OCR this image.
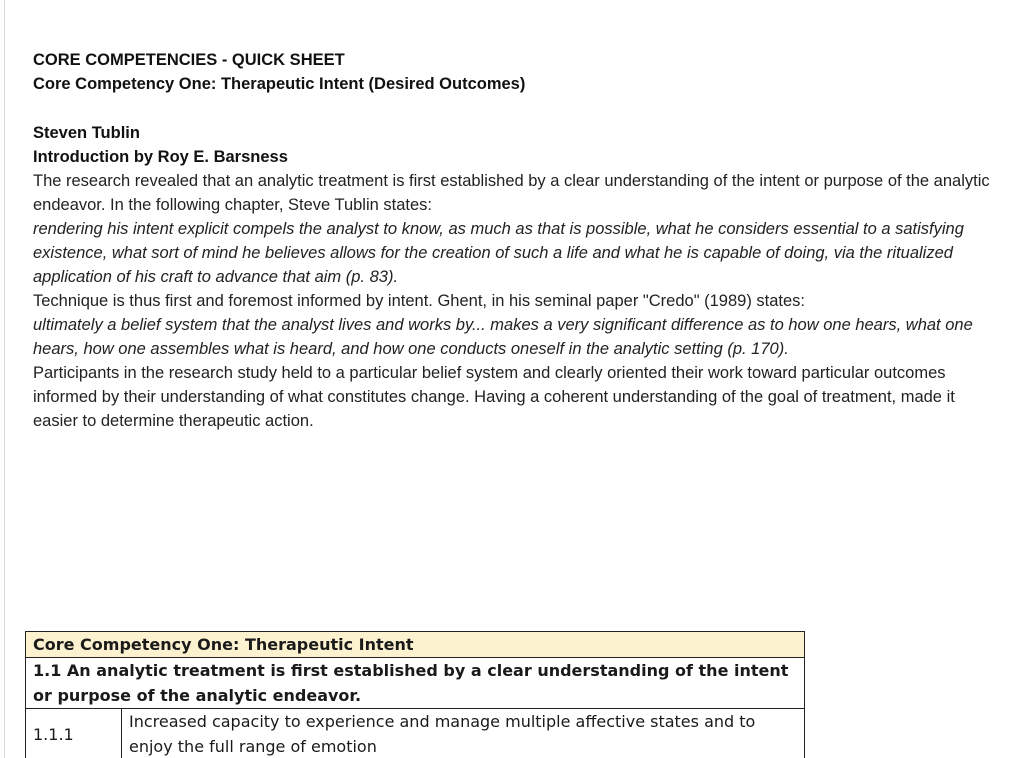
CORE COMPETENCIES - QUICK SHEET

Core Competency One: Therapeutic Intent (Desired Outcomes)

Steven Tublin

Introduction by Roy E. Barsness

The research revealed that an analytic treatment is first established by a clear understanding of the intent or purpose of the analytic endeavor. In the following chapter, Steve Tublin states:

rendering his intent explicit compels the analyst to know, as much as that is possible, what he considers essential to a satisfying existence, what sort of mind he believes allows for the creation of such a life and what he is capable of doing, via the ritualized application of his craft to advance that aim (p. 83).

Technique is thus first and foremost informed by intent. Ghent, in his seminal paper "Credo" (1989) states:

ultimately a belief system that the analyst lives and works by... makes a very significant difference as to how one hears, what one hears, how one assembles what is heard, and how one conducts oneself in the analytic setting (p. 170).

Participants in the research study held to a particular belief system and clearly oriented their work toward particular outcomes informed by their understanding of what constitutes change. Having a coherent understanding of the goal of treatment, made it easier to determine therapeutic action.

Core Competency One: Therapeutic Intent
1.1 An analytic treatment is first established by a clear understanding of the intent or purpose of the analytic endeavor.
1.1.1	Increased capacity to experience and manage multiple affective states and to enjoy the full range of emotion
